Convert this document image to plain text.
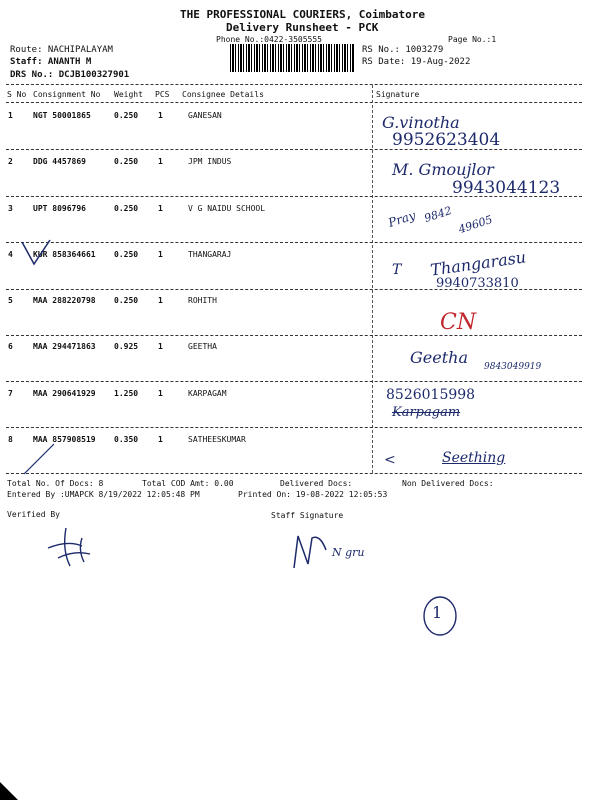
THE PROFESSIONAL COURIERS, Coimbatore
Delivery Runsheet - PCK
Phone No.:0422-3505555	Page No.:1
Route: NACHIPALAYAM
Staff: ANANTH M
DRS No.: DCJB100327901
RS No.: 1003279
RS Date: 19-Aug-2022
S No Consignment No Weight PCS Consignee Details	Signature
1	NGT 50001865	0.250 1	GANESAN	G.vinotha
9952623404
2	DDG 4457869	0.250 1	JPM INDUS	M. Gmoujlor
9943044123
3	UPT 8096796	0.250 1	V G NAIDU SCHOOL	Pray 9842 49605
4	KUR 858364661 0.250 1	THANGARAJ
T Thangarasu
9940733810
5	MAA 288220798 0.250 1	ROHITH
CN
6	MAA 294471863 0.925 1	GEETHA
Geetha 9843049919
7	MAA 290641929 1.250 1	KARPAGAM	8526015998
Karpagam
8	MAA 857908519 0.350 1	SATHEESKUMAR
<	Seething
Total No. Of Docs: 8	Total COD Amt: 0.00	Delivered Docs:	Non Delivered Docs:
Entered By :UMAPCK 8/19/2022 12:05:48 PM	Printed On: 19-08-2022 12:05:53
Verified By	Staff Signature
N gru
1
